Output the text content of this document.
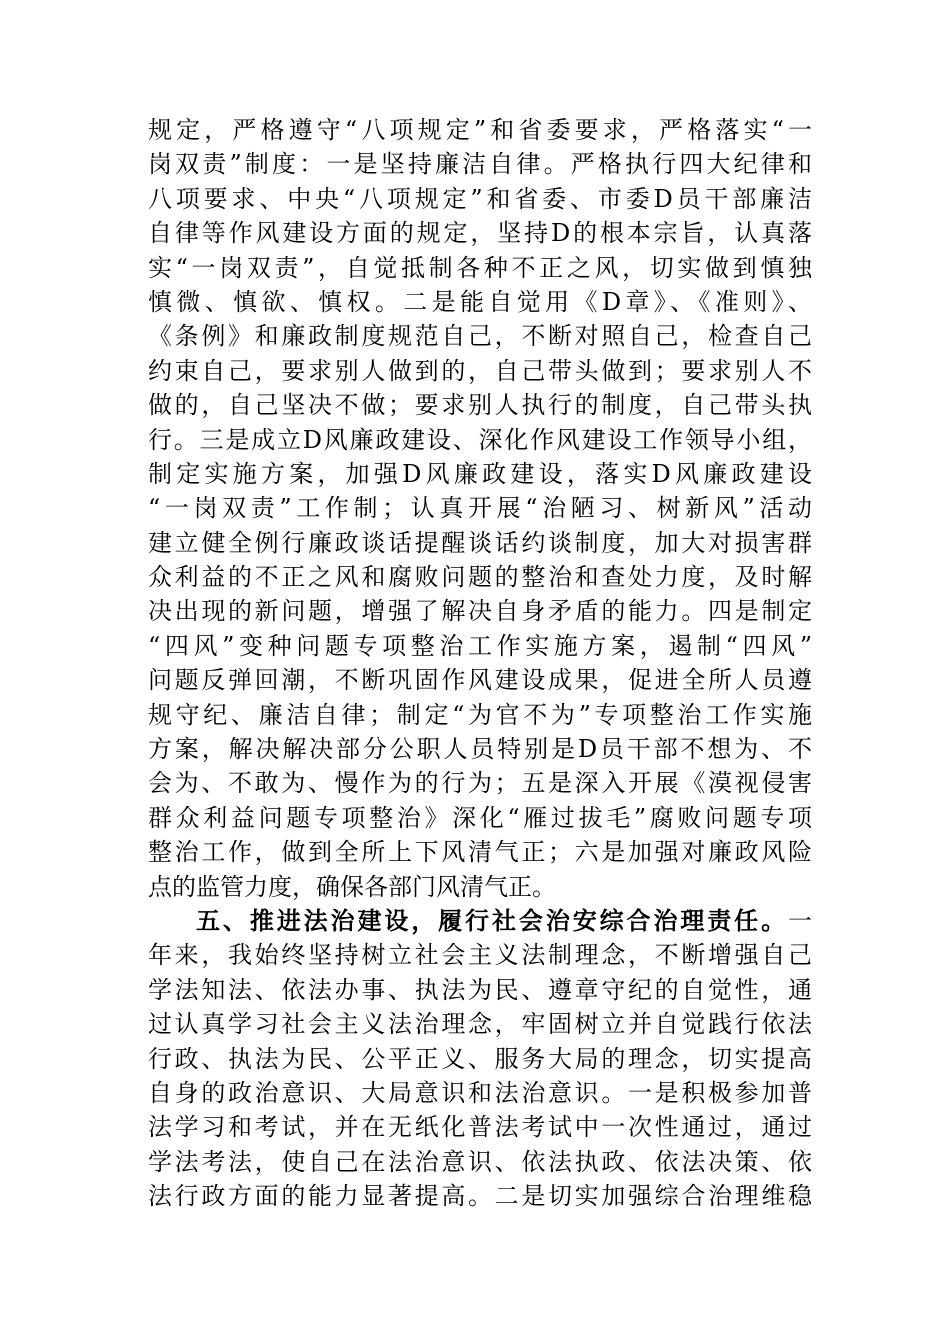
规定，严格遵守“八项规定”和省委要求，严格落实“一
岗双责”制度：一是坚持廉洁自律。严格执行四大纪律和
八项要求、中央“八项规定”和省委、市委D员干部廉洁
自律等作风建设方面的规定，坚持D的根本宗旨，认真落
实“一岗双责”，自觉抵制各种不正之风，切实做到慎独
慎微、慎欲、慎权。二是能自觉用《D章》、《准则》、
《条例》和廉政制度规范自己，不断对照自己，检查自己
约束自己，要求别人做到的，自己带头做到；要求别人不
做的，自己坚决不做；要求别人执行的制度，自己带头执
行。三是成立D风廉政建设、深化作风建设工作领导小组，
制定实施方案，加强D风廉政建设，落实D风廉政建设
“一岗双责”工作制；认真开展“治陋习、树新风”活动
建立健全例行廉政谈话提醒谈话约谈制度，加大对损害群
众利益的不正之风和腐败问题的整治和查处力度，及时解
决出现的新问题，增强了解决自身矛盾的能力。四是制定
“四风”变种问题专项整治工作实施方案，遏制“四风”
问题反弹回潮，不断巩固作风建设成果，促进全所人员遵
规守纪、廉洁自律；制定“为官不为”专项整治工作实施
方案，解决解决部分公职人员特别是D员干部不想为、不
会为、不敢为、慢作为的行为；五是深入开展《漠视侵害
群众利益问题专项整治》深化“雁过拔毛”腐败问题专项
整治工作，做到全所上下风清气正；六是加强对廉政风险
点的监管力度，确保各部门风清气正。
五、推进法治建设，履行社会治安综合治理责任。一
年来，我始终坚持树立社会主义法制理念，不断增强自己
学法知法、依法办事、执法为民、遵章守纪的自觉性，通
过认真学习社会主义法治理念，牢固树立并自觉践行依法
行政、执法为民、公平正义、服务大局的理念，切实提高
自身的政治意识、大局意识和法治意识。一是积极参加普
法学习和考试，并在无纸化普法考试中一次性通过，通过
学法考法，使自己在法治意识、依法执政、依法决策、依
法行政方面的能力显著提高。二是切实加强综合治理维稳
